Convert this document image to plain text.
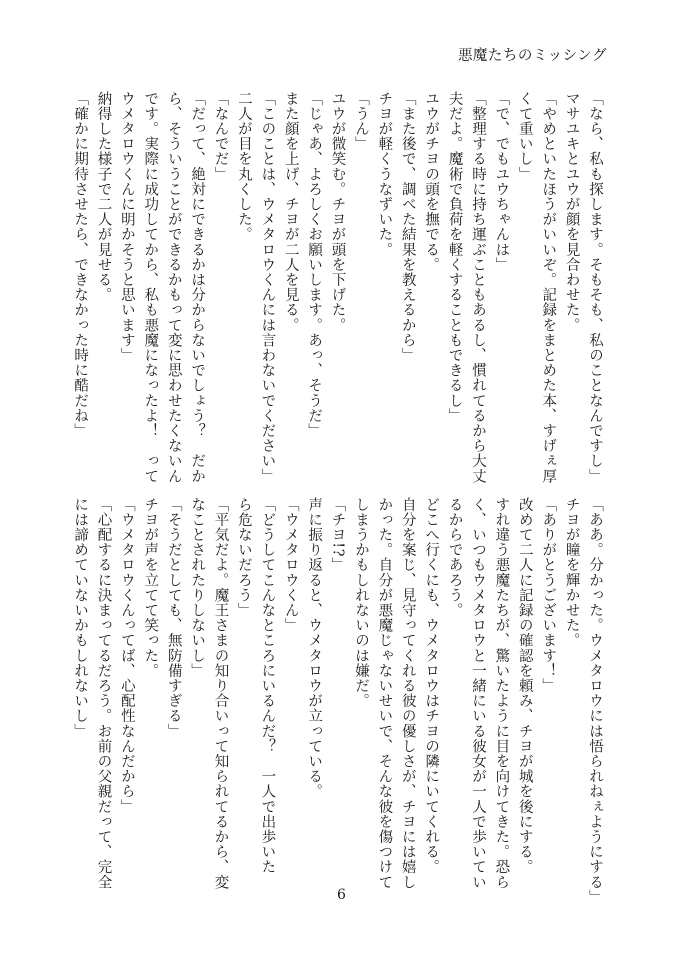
悪魔たちのミッシング
「なら、私も探します。そもそも、私のことなんですし」
マサユキとユウが顔を見合わせた。
「やめといたほうがいいぞ。記録をまとめた本、すげぇ厚
くて重いし」
「で、でもユウちゃんは」
「整理する時に持ち運ぶこともあるし、慣れてるから大丈
夫だよ。魔術で負荷を軽くすることもできるし」
ユウがチヨの頭を撫でる。
「また後で、調べた結果を教えるから」
チヨが軽くうなずいた。
「うん」
ユウが微笑む。チヨが頭を下げた。
「じゃあ、よろしくお願いします。あっ、そうだ」
また顔を上げ、チヨが二人を見る。
「このことは、ウメタロウくんには言わないでください」
二人が目を丸くした。
「なんでだ」
「だって、絶対にできるかは分からないでしょう？　だか
ら、そういうことができるかもって変に思わせたくないん
です。実際に成功してから、私も悪魔になったよ！　って
ウメタロウくんに明かそうと思います」
納得した様子で二人が見せる。
「確かに期待させたら、できなかった時に酷だね」
「ああ。分かった。ウメタロウには悟られねぇようにする」
チヨが瞳を輝かせた。
「ありがとうございます！」
改めて二人に記録の確認を頼み、チヨが城を後にする。
すれ違う悪魔たちが、驚いたように目を向けてきた。恐ら
く、いつもウメタロウと一緒にいる彼女が一人で歩いてい
るからであろう。
どこへ行くにも、ウメタロウはチヨの隣にいてくれる。
自分を案じ、見守ってくれる彼の優しさが、チヨには嬉し
かった。自分が悪魔じゃないせいで、そんな彼を傷つけて
しまうかもしれないのは嫌だ。
「チヨ!?」
声に振り返ると、ウメタロウが立っている。
「ウメタロウくん」
「どうしてこんなところにいるんだ？　一人で出歩いた
ら危ないだろう」
「平気だよ。魔王さまの知り合いって知られてるから、変
なことされたりしないし」
「そうだとしても、無防備すぎる」
チヨが声を立てて笑った。
「ウメタロウくんってば、心配性なんだから」
「心配するに決まってるだろう。お前の父親だって、完全
には諦めていないかもしれないし」
6
